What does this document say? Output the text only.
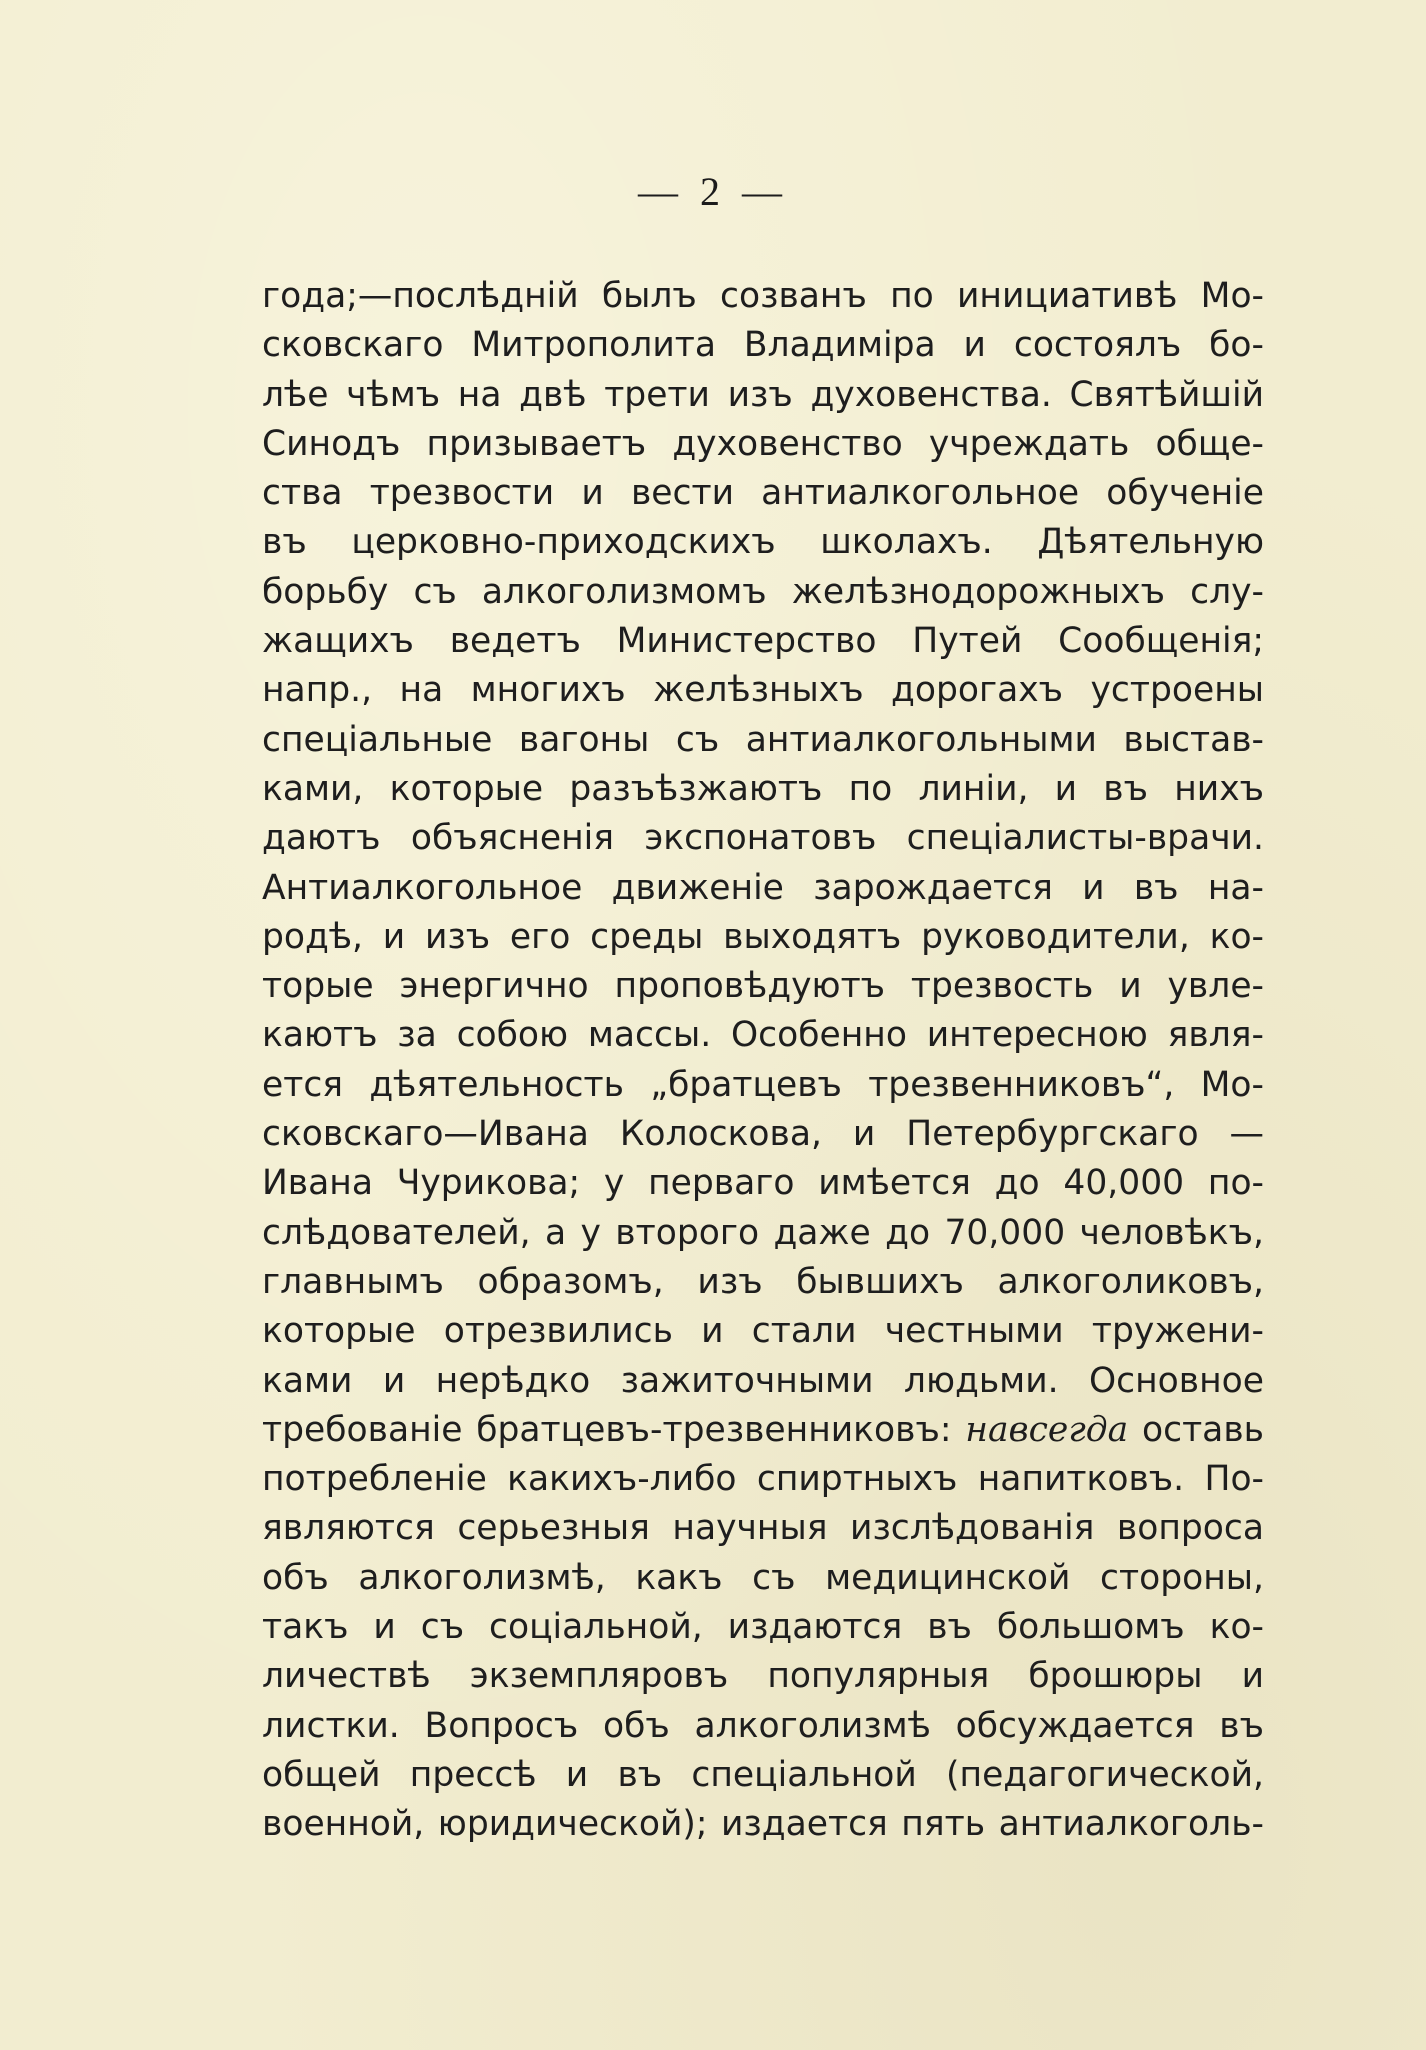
— 2 —
года;—послѣдній былъ созванъ по инициативѣ Мо-
сковскаго Митрополита Владиміра и состоялъ бо-
лѣе чѣмъ на двѣ трети изъ духовенства. Святѣйшій
Синодъ призываетъ духовенство учреждать обще-
ства трезвости и вести антиалкогольное обученіе
въ церковно-приходскихъ школахъ. Дѣятельную
борьбу съ алкоголизмомъ желѣзнодорожныхъ слу-
жащихъ ведетъ Министерство Путей Сообщенія;
напр., на многихъ желѣзныхъ дорогахъ устроены
спеціальные вагоны съ антиалкогольными выстав-
ками, которые разъѣзжаютъ по линіи, и въ нихъ
даютъ объясненія экспонатовъ спеціалисты-врачи.
Антиалкогольное движеніе зарождается и въ на-
родѣ, и изъ его среды выходятъ руководители, ко-
торые энергично проповѣдуютъ трезвость и увле-
каютъ за собою массы. Особенно интересною явля-
ется дѣятельность „братцевъ трезвенниковъ“, Мо-
сковскаго—Ивана Колоскова, и Петербургскаго —
Ивана Чурикова; у перваго имѣется до 40,000 по-
слѣдователей, а у второго даже до 70,000 человѣкъ,
главнымъ образомъ, изъ бывшихъ алкоголиковъ,
которые отрезвились и стали честными тружени-
ками и нерѣдко зажиточными людьми. Основное
требованіе братцевъ-трезвенниковъ: навсегда оставь
потребленіе какихъ-либо спиртныхъ напитковъ. По-
являются серьезныя научныя изслѣдованія вопроса
объ алкоголизмѣ, какъ съ медицинской стороны,
такъ и съ соціальной, издаются въ большомъ ко-
личествѣ экземпляровъ популярныя брошюры и
листки. Вопросъ объ алкоголизмѣ обсуждается въ
общей прессѣ и въ спеціальной (педагогической,
военной, юридической); издается пять антиалкоголь-
